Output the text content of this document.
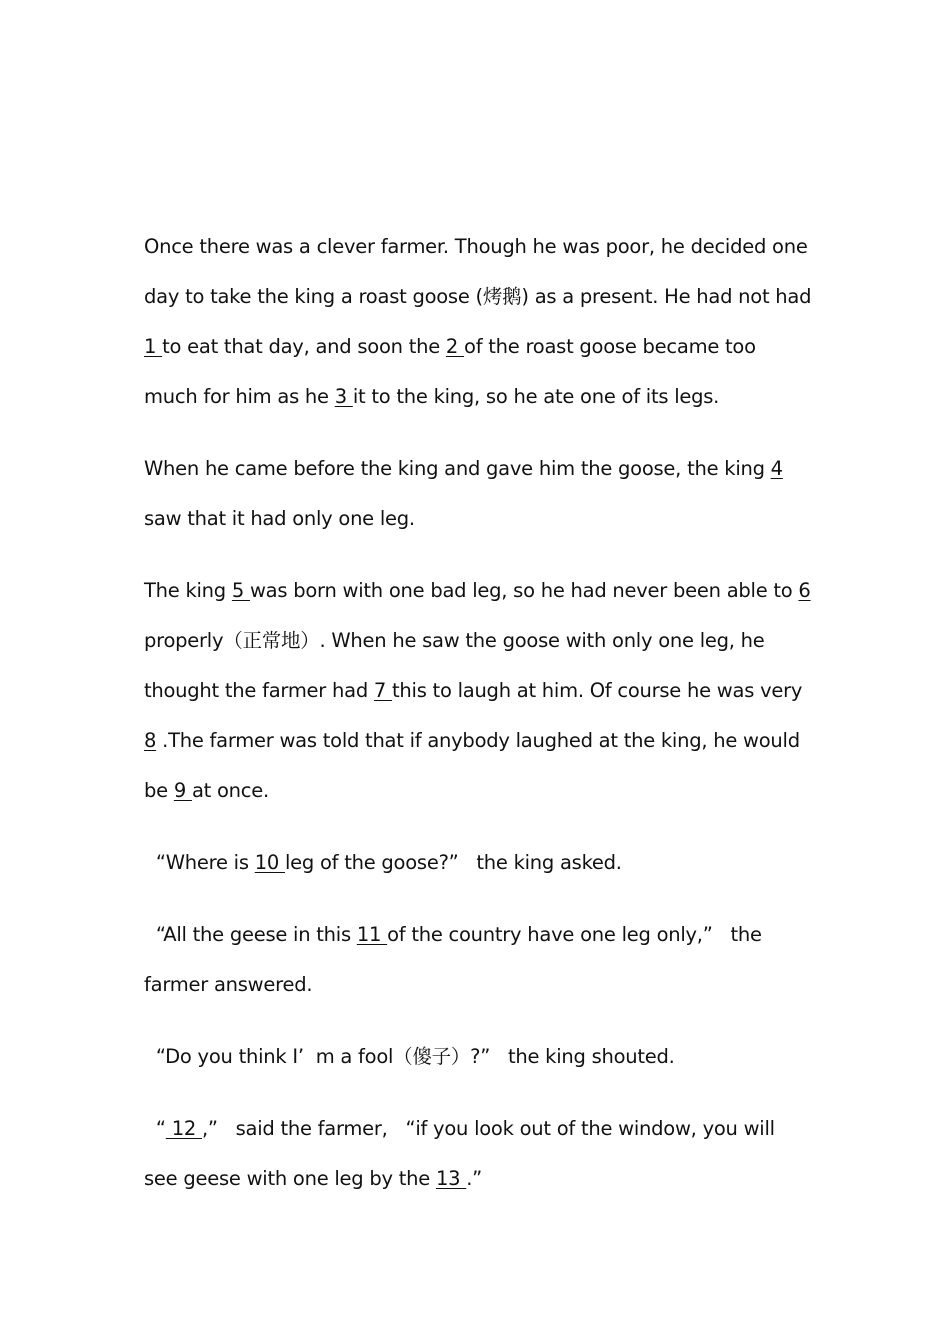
Once there was a clever farmer. Though he was poor, he decided one day to take the king a roast goose (烤鹅) as a present. He had not had 1 to eat that day, and soon the 2 of the roast goose became too much for him as he 3 it to the king, so he ate one of its legs.

When he came before the king and gave him the goose, the king 4 saw that it had only one leg.

The king 5 was born with one bad leg, so he had never been able to 6 properly（正常地）. When he saw the goose with only one leg, he thought the farmer had 7 this to laugh at him. Of course he was very 8 .The farmer was told that if anybody laughed at the king, he would be 9 at once.

“Where is 10 leg of the goose?”   the king asked.

“All the geese in this 11 of the country have one leg only,”   the farmer answered.

“Do you think I’  m a fool（傻子）?”   the king shouted.

“ 12 ,”   said the farmer,   “if you look out of the window, you will see geese with one leg by the 13 .”
